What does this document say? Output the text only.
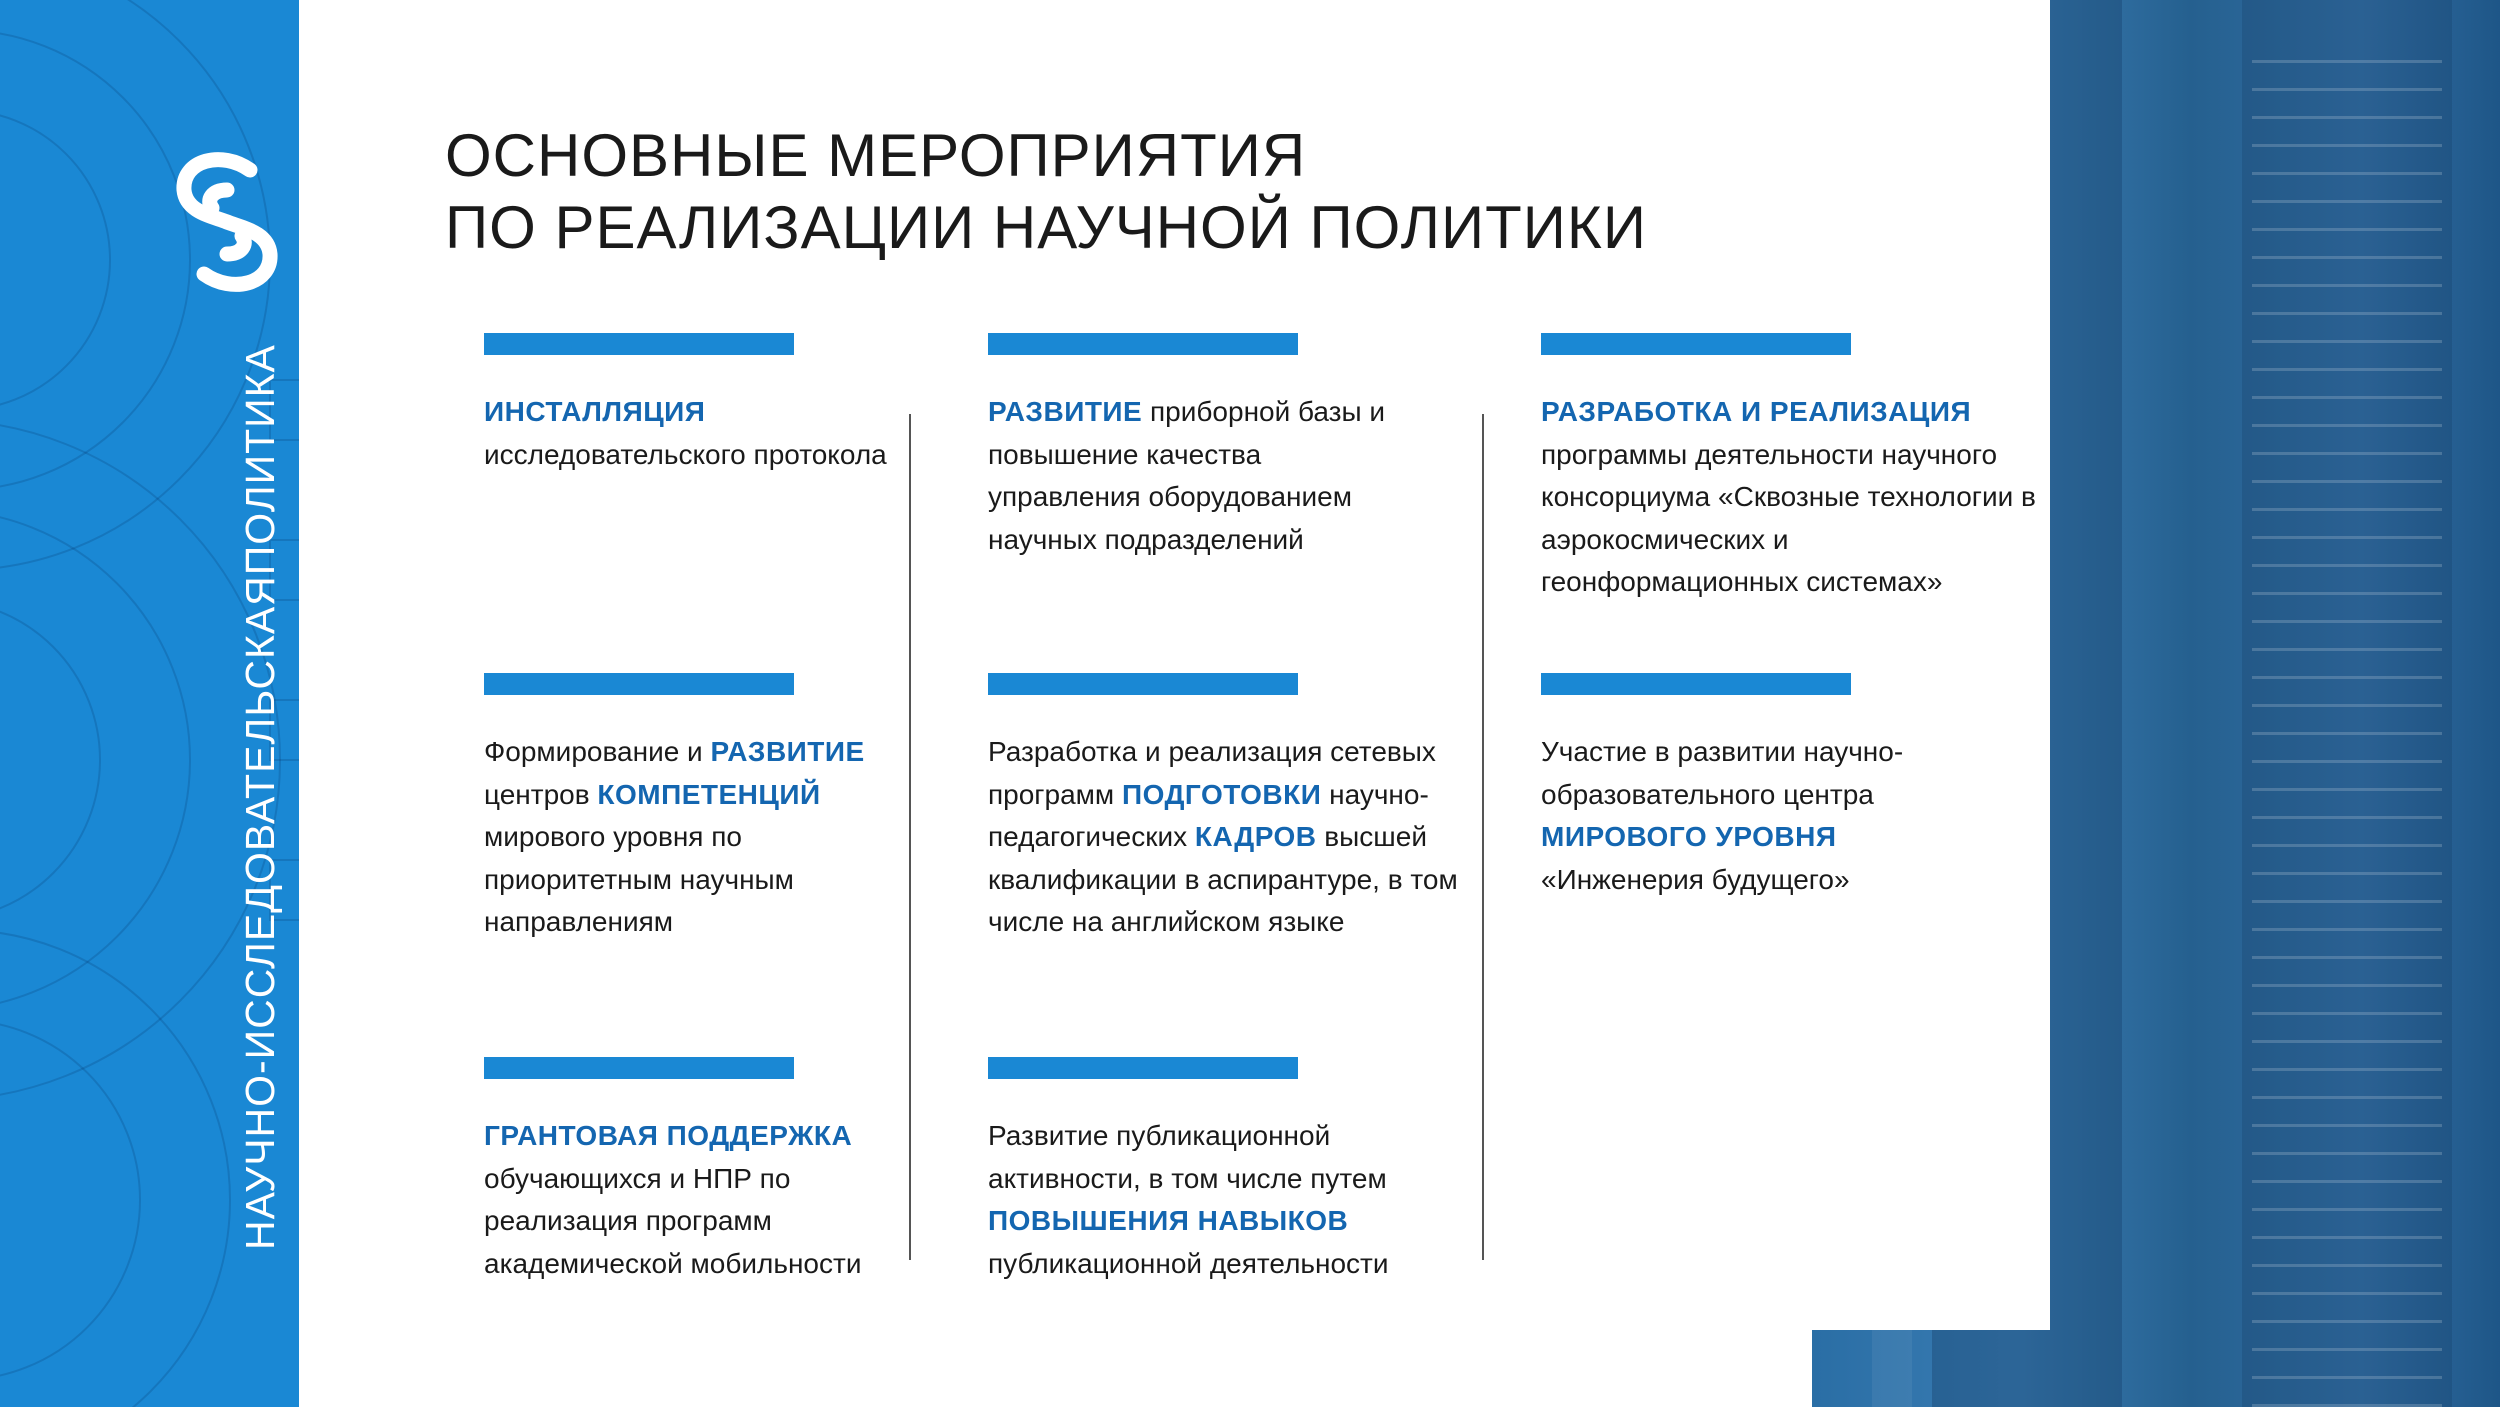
НАУЧНО-ИССЛЕДОВАТЕЛЬСКАЯПОЛИТИКА
ОСНОВНЫЕ МЕРОПРИЯТИЯ
ПО РЕАЛИЗАЦИИ НАУЧНОЙ ПОЛИТИКИ
ИНСТАЛЛЯЦИЯ исследовательского протокола
Формирование и РАЗВИТИЕ центров КОМПЕТЕНЦИЙ мирового уровня по приоритетным научным направлениям
ГРАНТОВАЯ ПОДДЕРЖКА обучающихся и НПР по реализация программ академической мобильности
РАЗВИТИЕ приборной базы и повышение качества управления оборудованием научных подразделений
Разработка и реализация сетевых программ ПОДГОТОВКИ научно-педагогических КАДРОВ высшей квалификации в аспирантуре, в том числе на английском языке
Развитие публикационной активности, в том числе путем ПОВЫШЕНИЯ НАВЫКОВ публикационной деятельности
РАЗРАБОТКА И РЕАЛИЗАЦИЯ программы деятельности научного консорциума «Сквозные технологии в аэрокосмических и геонформационных системах»
Участие в развитии научно-образовательного центра МИРОВОГО УРОВНЯ «Инженерия будущего»
